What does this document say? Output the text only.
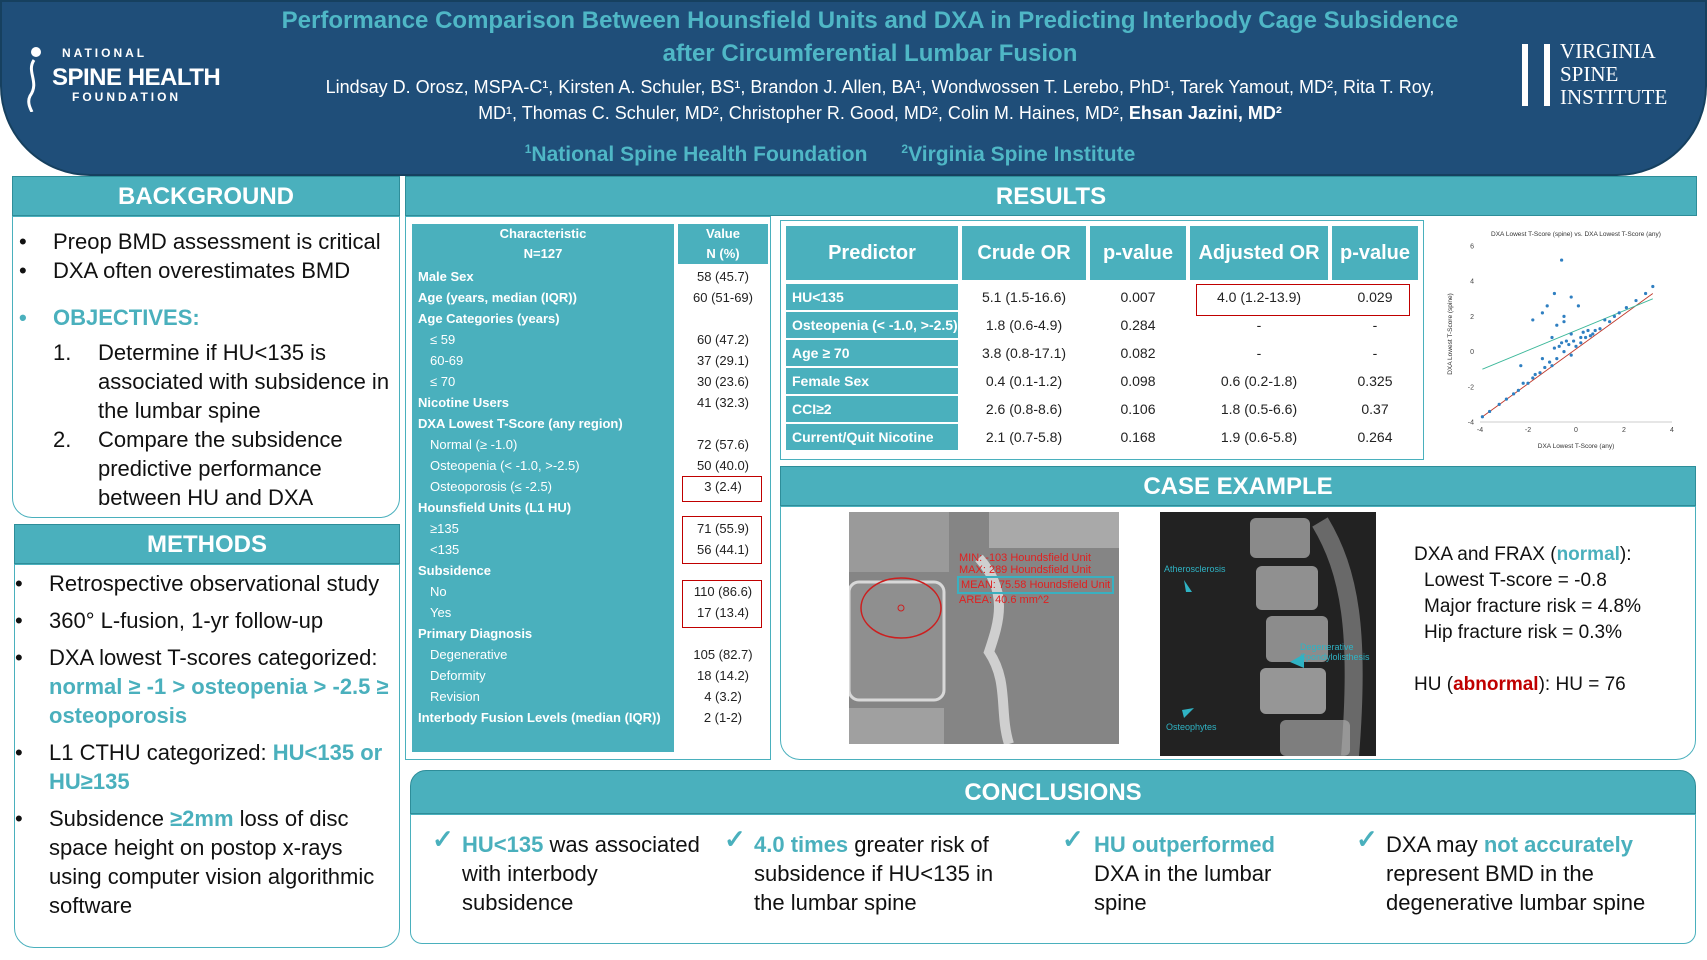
NATIONAL
SPINE HEALTH
FOUNDATION
VIRGINIA
SPINE
INSTITUTE
Performance Comparison Between Hounsfield Units and DXA in Predicting Interbody Cage Subsidence
after Circumferential Lumbar Fusion
Lindsay D. Orosz, MSPA-C¹, Kirsten A. Schuler, BS¹, Brandon J. Allen, BA¹, Wondwossen T. Lerebo, PhD¹, Tarek Yamout, MD², Rita T. Roy,
MD¹, Thomas C. Schuler, MD², Christopher R. Good, MD², Colin M. Haines, MD², Ehsan Jazini, MD²
$^1$National Spine Health Foundation	$^2$Virginia Spine Institute
BACKGROUND
• Preop BMD assessment is critical
• DXA often overestimates BMD
• OBJECTIVES:
1. Determine if HU<135 is associated with subsidence in the lumbar spine
2. Compare the subsidence predictive performance between HU and DXA
METHODS
• Retrospective observational study
• 360° L-fusion, 1-yr follow-up
• DXA lowest T-scores categorized: normal ≥ -1 > osteopenia > -2.5 ≥ osteoporosis
• L1 CTHU categorized: HU<135 or HU≥135
• Subsidence ≥2mm loss of disc space height on postop x-rays using computer vision algorithmic software
RESULTS
Characteristic
N=127
Value
N (%)
Male Sex	58 (45.7)
Age (years, median (IQR))	60 (51-69)
Age Categories (years)
≤ 59	60 (47.2)
60-69	37 (29.1)
≤ 70	30 (23.6)
Nicotine Users	41 (32.3)
DXA Lowest T-Score (any region)
Normal (≥ -1.0)	72 (57.6)
Osteopenia (< -1.0, >-2.5)	50 (40.0)
Osteoporosis (≤ -2.5)	3 (2.4)
Hounsfield Units (L1 HU)
≥135	71 (55.9)
<135	56 (44.1)
Subsidence
No	110 (86.6)
Yes	17 (13.4)
Primary Diagnosis
Degenerative	105 (82.7)
Deformity	18 (14.2)
Revision	4 (3.2)
Interbody Fusion Levels (median (IQR))	2 (1-2)
Predictor	Crude OR	p-value	Adjusted OR	p-value
HU<135	5.1 (1.5-16.6)	0.007	4.0 (1.2-13.9)	0.029
Osteopenia (< -1.0, >-2.5)	1.8 (0.6-4.9)	0.284	-	-
Age ≥ 70	3.8 (0.8-17.1)	0.082	-	-
Female Sex	0.4 (0.1-1.2)	0.098	0.6 (0.2-1.8)	0.325
CCI≥2	2.6 (0.8-8.6)	0.106	1.8 (0.5-6.6)	0.37
Current/Quit Nicotine	2.1 (0.7-5.8)	0.168	1.9 (0.6-5.8)	0.264
DXA Lowest T-Score (spine) vs. DXA Lowest T-Score (any)
-4	-2	0	2	4
-4
-2
0
2
4
6
DXA Lowest T-Score (any)
DXA Lowest T-Score (spine)
CASE EXAMPLE
MIN: -103 Houndsfield Unit
MAX: 289 Houndsfield Unit
MEAN: 75.58 Houndsfield Unit
AREA: 40.6 mm^2
Atherosclerosis
Degenerative
Spondylolisthesis
Osteophytes
DXA and FRAX (normal):
Lowest T-score = -0.8
Major fracture risk = 4.8%
Hip fracture risk = 0.3%
HU (abnormal): HU = 76
CONCLUSIONS
✓ HU<135 was associated with interbody subsidence
✓ 4.0 times greater risk of subsidence if HU<135 in the lumbar spine
✓ HU outperformed DXA in the lumbar spine
✓ DXA may not accurately represent BMD in the degenerative lumbar spine
